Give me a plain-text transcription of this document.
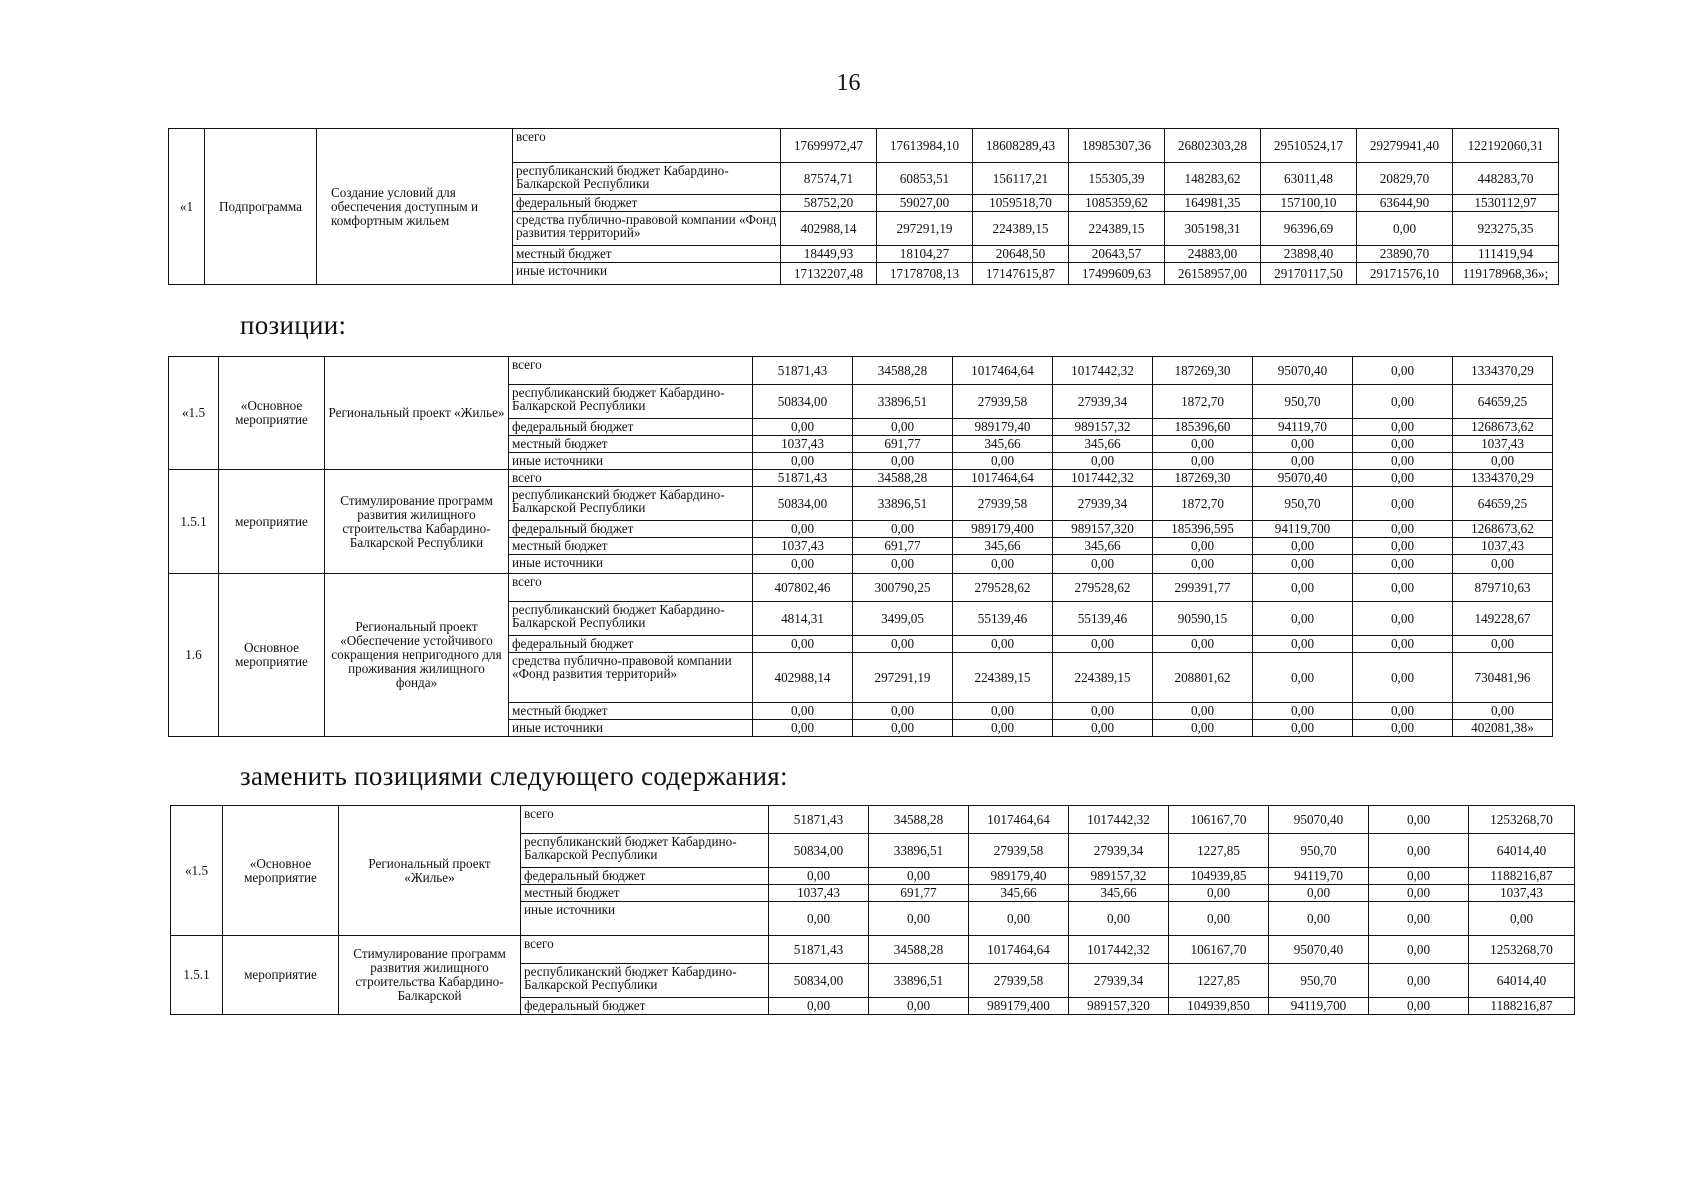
16
«1	Подпрограмма	Создание условий для обеспечения доступным и комфортным жильем	всего	17699972,47	17613984,10	18608289,43	18985307,36	26802303,28	29510524,17	29279941,40	122192060,31
			республиканский бюджет Кабардино-Балкарской Республики	87574,71	60853,51	156117,21	155305,39	148283,62	63011,48	20829,70	448283,70
			федеральный бюджет	58752,20	59027,00	1059518,70	1085359,62	164981,35	157100,10	63644,90	1530112,97
			средства публично-правовой компании «Фонд развития территорий»	402988,14	297291,19	224389,15	224389,15	305198,31	96396,69	0,00	923275,35
			местный бюджет	18449,93	18104,27	20648,50	20643,57	24883,00	23898,40	23890,70	111419,94
			иные источники	17132207,48	17178708,13	17147615,87	17499609,63	26158957,00	29170117,50	29171576,10	119178968,36»;
позиции:
«1.5	«Основное мероприятие	Региональный проект «Жилье»	всего	51871,43	34588,28	1017464,64	1017442,32	187269,30	95070,40	0,00	1334370,29
			республиканский бюджет Кабардино-Балкарской Республики	50834,00	33896,51	27939,58	27939,34	1872,70	950,70	0,00	64659,25
			федеральный бюджет	0,00	0,00	989179,40	989157,32	185396,60	94119,70	0,00	1268673,62
			местный бюджет	1037,43	691,77	345,66	345,66	0,00	0,00	0,00	1037,43
			иные источники	0,00	0,00	0,00	0,00	0,00	0,00	0,00	0,00
1.5.1	мероприятие	Стимулирование программ развития жилищного строительства Кабардино-Балкарской Республики	всего	51871,43	34588,28	1017464,64	1017442,32	187269,30	95070,40	0,00	1334370,29
			республиканский бюджет Кабардино-Балкарской Республики	50834,00	33896,51	27939,58	27939,34	1872,70	950,70	0,00	64659,25
			федеральный бюджет	0,00	0,00	989179,400	989157,320	185396,595	94119,700	0,00	1268673,62
			местный бюджет	1037,43	691,77	345,66	345,66	0,00	0,00	0,00	1037,43
			иные источники	0,00	0,00	0,00	0,00	0,00	0,00	0,00	0,00
1.6	Основное мероприятие	Региональный проект «Обеспечение устойчивого сокращения непригодного для проживания жилищного фонда»	всего	407802,46	300790,25	279528,62	279528,62	299391,77	0,00	0,00	879710,63
			республиканский бюджет Кабардино- Балкарской Республики	4814,31	3499,05	55139,46	55139,46	90590,15	0,00	0,00	149228,67
			федеральный бюджет	0,00	0,00	0,00	0,00	0,00	0,00	0,00	0,00
			средства публично-правовой компании «Фонд развития территорий»	402988,14	297291,19	224389,15	224389,15	208801,62	0,00	0,00	730481,96
			местный бюджет	0,00	0,00	0,00	0,00	0,00	0,00	0,00	0,00
			иные источники	0,00	0,00	0,00	0,00	0,00	0,00	0,00	402081,38»
заменить позициями следующего содержания:
«1.5	«Основное мероприятие	Региональный проект «Жилье»	всего	51871,43	34588,28	1017464,64	1017442,32	106167,70	95070,40	0,00	1253268,70
			республиканский бюджет Кабардино-Балкарской Республики	50834,00	33896,51	27939,58	27939,34	1227,85	950,70	0,00	64014,40
			федеральный бюджет	0,00	0,00	989179,40	989157,32	104939,85	94119,70	0,00	1188216,87
			местный бюджет	1037,43	691,77	345,66	345,66	0,00	0,00	0,00	1037,43
			иные источники	0,00	0,00	0,00	0,00	0,00	0,00	0,00	0,00
1.5.1	мероприятие	Стимулирование программ развития жилищного строительства Кабардино-Балкарской	всего	51871,43	34588,28	1017464,64	1017442,32	106167,70	95070,40	0,00	1253268,70
			республиканский бюджет Кабардино-Балкарской Республики	50834,00	33896,51	27939,58	27939,34	1227,85	950,70	0,00	64014,40
			федеральный бюджет	0,00	0,00	989179,400	989157,320	104939,850	94119,700	0,00	1188216,87
